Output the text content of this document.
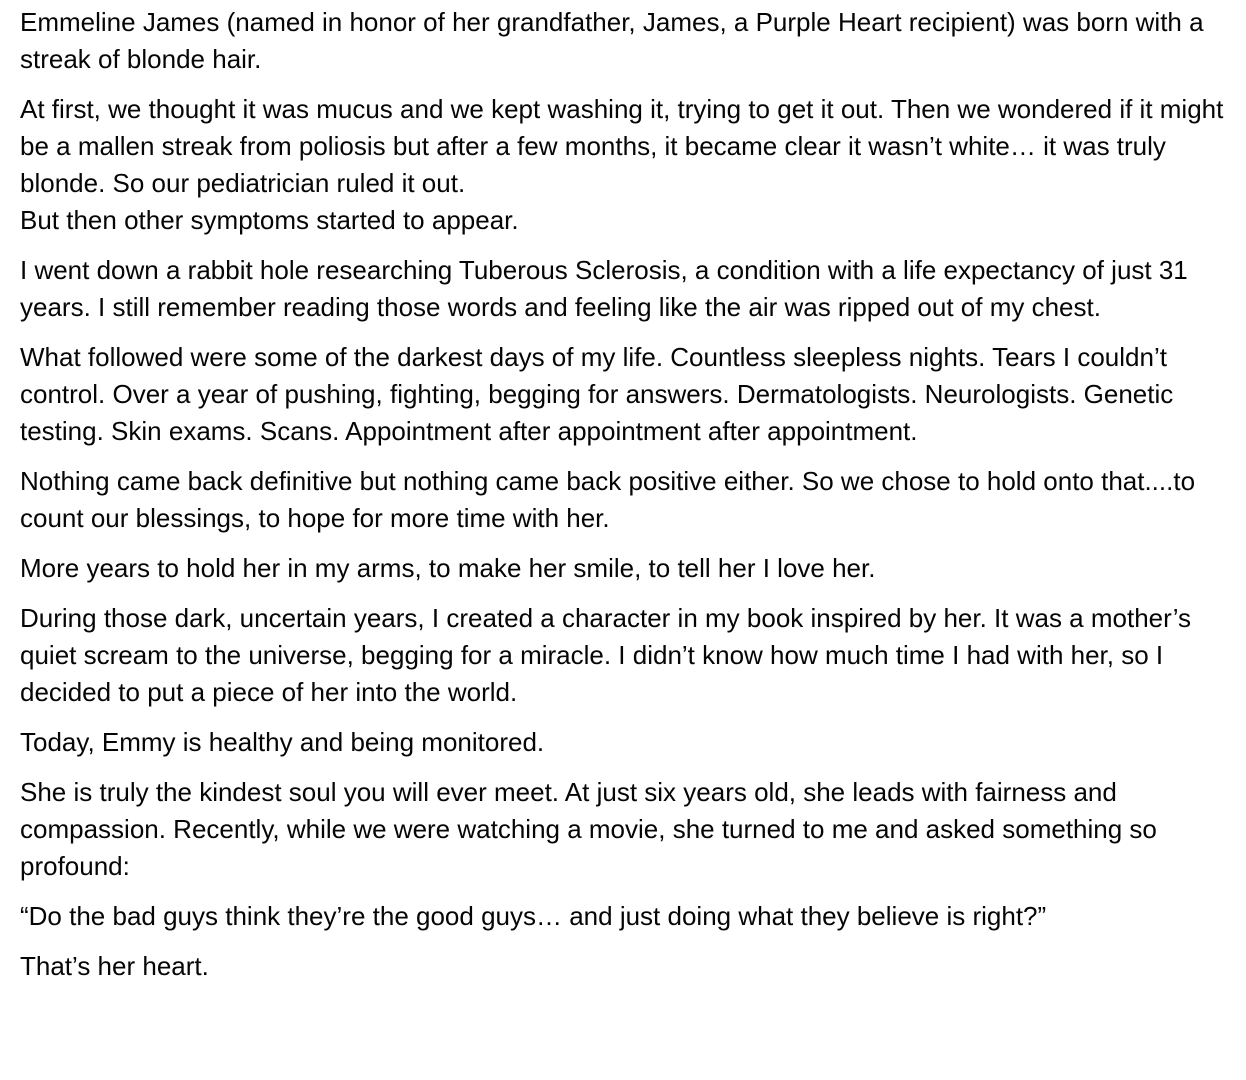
Emmeline James (named in honor of her grandfather, James, a Purple Heart recipient) was born with a streak of blonde hair.

At first, we thought it was mucus and we kept washing it, trying to get it out. Then we wondered if it might be a mallen streak from poliosis but after a few months, it became clear it wasn’t white… it was truly blonde. So our pediatrician ruled it out.
But then other symptoms started to appear.

I went down a rabbit hole researching Tuberous Sclerosis, a condition with a life expectancy of just 31 years. I still remember reading those words and feeling like the air was ripped out of my chest.

What followed were some of the darkest days of my life. Countless sleepless nights. Tears I couldn’t control. Over a year of pushing, fighting, begging for answers. Dermatologists. Neurologists. Genetic testing. Skin exams. Scans. Appointment after appointment after appointment.

Nothing came back definitive but nothing came back positive either. So we chose to hold onto that....to count our blessings, to hope for more time with her.

More years to hold her in my arms, to make her smile, to tell her I love her.

During those dark, uncertain years, I created a character in my book inspired by her. It was a mother’s quiet scream to the universe, begging for a miracle. I didn’t know how much time I had with her, so I decided to put a piece of her into the world.

Today, Emmy is healthy and being monitored.

She is truly the kindest soul you will ever meet. At just six years old, she leads with fairness and compassion. Recently, while we were watching a movie, she turned to me and asked something so profound:

“Do the bad guys think they’re the good guys… and just doing what they believe is right?”

That’s her heart.
